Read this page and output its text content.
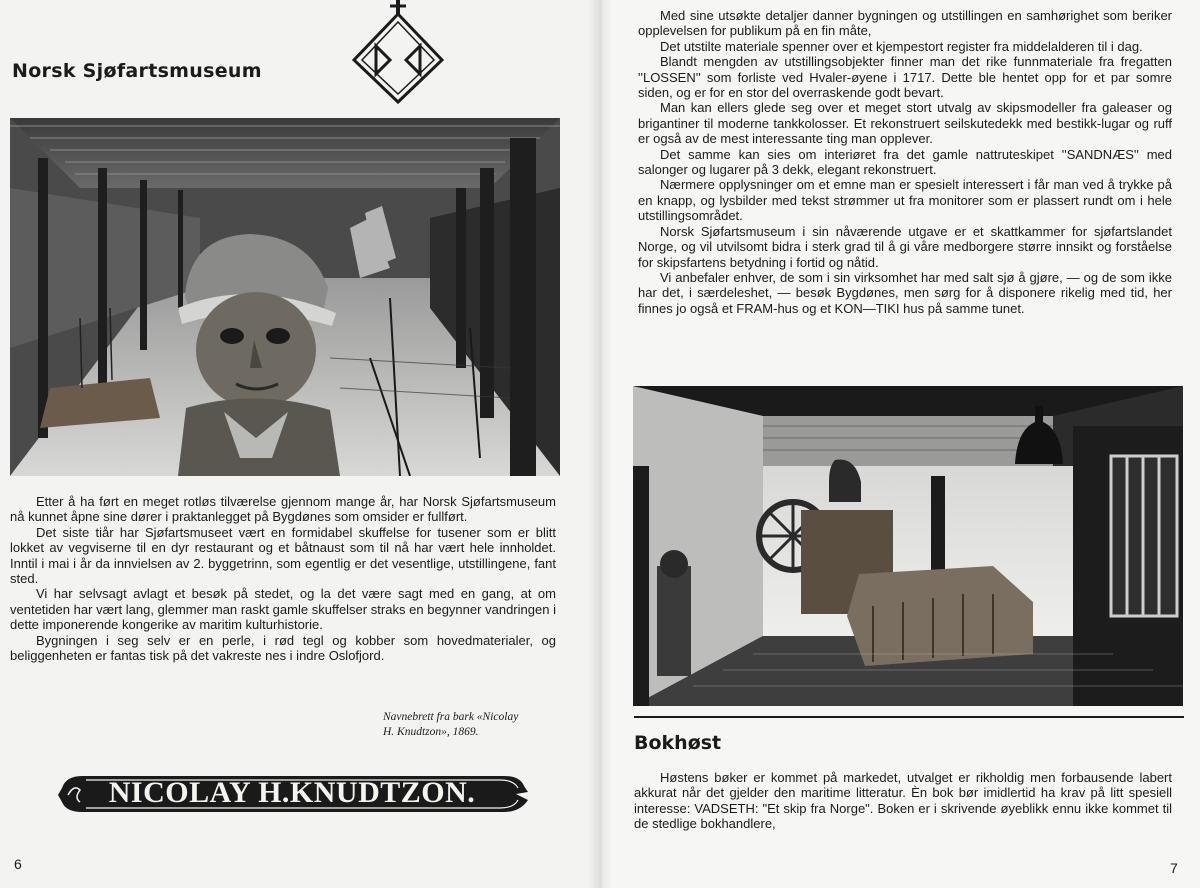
Norsk Sjøfartsmuseum

Etter å ha ført en meget rotløs tilværelse gjennom mange år, har Norsk Sjøfartsmuseum nå kunnet åpne sine dører i praktanlegget på Bygdønes som omsider er fullført.

Det siste tiår har Sjøfartsmuseet vært en formidabel skuffelse for tusener som er blitt lokket av vegviserne til en dyr restaurant og et båtnaust som til nå har vært hele innholdet. Inntil i mai i år da innvielsen av 2. byggetrinn, som egentlig er det vesentlige, utstillingene, fant sted.

Vi har selvsagt avlagt et besøk på stedet, og la det være sagt med en gang, at om ventetiden har vært lang, glemmer man raskt gamle skuffelser straks en begynner vandringen i dette imponerende kongerike av maritim kulturhistorie.

Bygningen i seg selv er en perle, i rød tegl og kobber som hovedmaterialer, og beliggenheten er fantas tisk på det vakreste nes i indre Oslofjord.

Navnebrett fra bark «Nicolay H. Knudtzon», 1869.
NICOLAY H.KNUDTZON.
6

Med sine utsøkte detaljer danner bygningen og utstillingen en samhørighet som beriker opplevelsen for publikum på en fin måte,

Det utstilte materiale spenner over et kjempestort register fra middelalderen til i dag.

Blandt mengden av utstillingsobjekter finner man det rike funnmateriale fra fregatten ''LOSSEN'' som forliste ved Hvaler-øyene i 1717. Dette ble hentet opp for et par somre siden, og er for en stor del overraskende godt bevart.

Man kan ellers glede seg over et meget stort utvalg av skipsmodeller fra galeaser og brigantiner til moderne tankkolosser. Et rekonstruert seilskutedekk med bestikk-lugar og ruff er også av de mest interessante ting man opplever.

Det samme kan sies om interiøret fra det gamle nattruteskipet ''SANDNÆS'' med salonger og lugarer på 3 dekk, elegant rekonstruert.

Nærmere opplysninger om et emne man er spesielt interessert i får man ved å trykke på en knapp, og lysbilder med tekst strømmer ut fra monitorer som er plassert rundt om i hele utstillingsområdet.

Norsk Sjøfartsmuseum i sin nåværende utgave er et skattkammer for sjøfartslandet Norge, og vil utvilsomt bidra i sterk grad til å gi våre medborgere større innsikt og forståelse for skipsfartens betydning i fortid og nåtid.

Vi anbefaler enhver, de som i sin virksomhet har med salt sjø å gjøre, — og de som ikke har det, i særdeleshet, — besøk Bygdønes, men sørg for å disponere rikelig med tid, her finnes jo også et FRAM-hus og et KON—TIKI hus på samme tunet.

Bokhøst

Høstens bøker er kommet på markedet, utvalget er rikholdig men forbausende labert akkurat når det gjelder den maritime litteratur. Èn bok bør imidlertid ha krav på litt spesiell interesse: VADSETH: "Et skip fra Norge". Boken er i skrivende øyeblikk ennu ikke kommet til de stedlige bokhandlere,

7
